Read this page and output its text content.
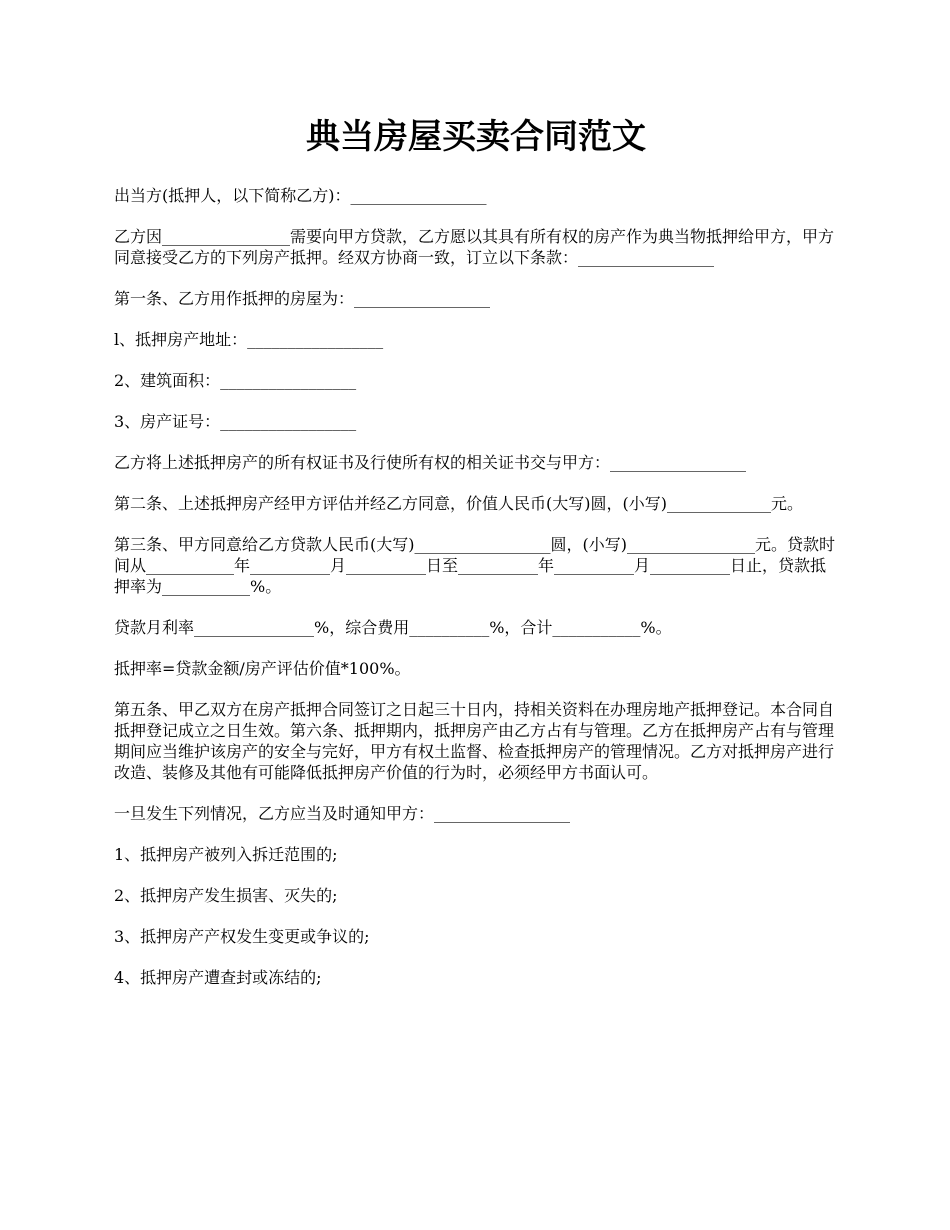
典当房屋买卖合同范文

出当方(抵押人，以下简称乙方)：_________________

乙方因________________需要向甲方贷款，乙方愿以其具有所有权的房产作为典当物抵押给甲方，甲方同意接受乙方的下列房产抵押。经双方协商一致，订立以下条款：_________________

第一条、乙方用作抵押的房屋为：_________________

l、抵押房产地址：_________________

2、建筑面积：_________________

3、房产证号：_________________

乙方将上述抵押房产的所有权证书及行使所有权的相关证书交与甲方：_________________

第二条、上述抵押房产经甲方评估并经乙方同意，价值人民币(大写)圆，(小写)_____________元。

第三条、甲方同意给乙方贷款人民币(大写)_________________圆，(小写)________________元。贷款时间从___________年__________月__________日至__________年__________月__________日止，贷款抵押率为___________%。

贷款月利率_______________%，综合费用__________%，合计___________%。

抵押率=贷款金额/房产评估价值*100%。

第五条、甲乙双方在房产抵押合同签订之日起三十日内，持相关资料在办理房地产抵押登记。本合同自抵押登记成立之日生效。第六条、抵押期内，抵押房产由乙方占有与管理。乙方在抵押房产占有与管理期间应当维护该房产的安全与完好，甲方有权土监督、检查抵押房产的管理情况。乙方对抵押房产进行改造、装修及其他有可能降低抵押房产价值的行为时，必须经甲方书面认可。

一旦发生下列情况，乙方应当及时通知甲方：_________________

1、抵押房产被列入拆迁范围的;

2、抵押房产发生损害、灭失的;

3、抵押房产产权发生变更或争议的;

4、抵押房产遭查封或冻结的;
